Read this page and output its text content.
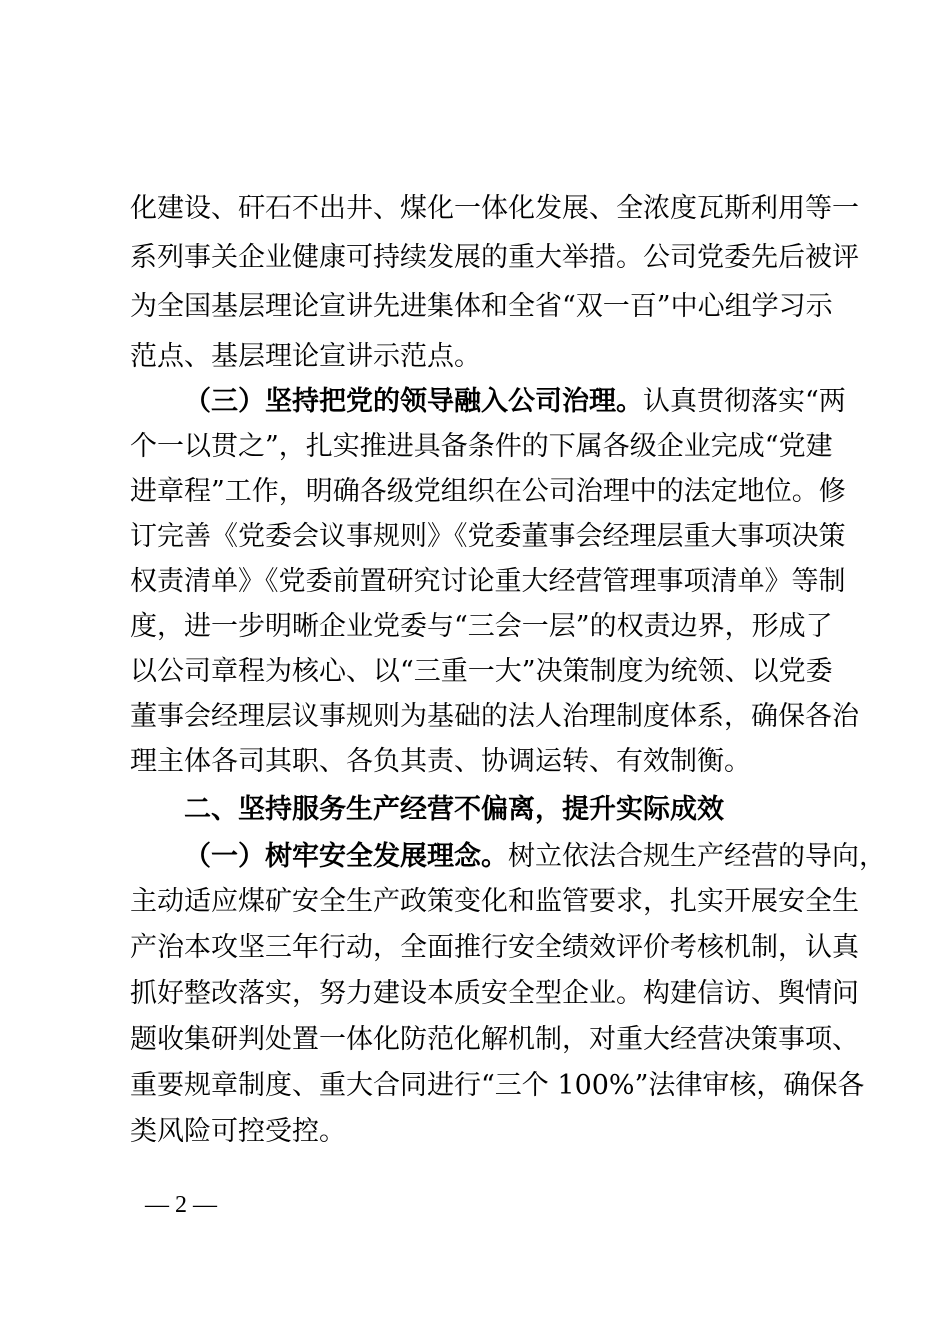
化建设、矸石不出井、煤化一体化发展、全浓度瓦斯利用等一
系列事关企业健康可持续发展的重大举措。公司党委先后被评
为全国基层理论宣讲先进集体和全省“双一百”中心组学习示
范点、基层理论宣讲示范点。
（三）坚持把党的领导融入公司治理。认真贯彻落实“两
个一以贯之”，扎实推进具备条件的下属各级企业完成“党建
进章程”工作，明确各级党组织在公司治理中的法定地位。修
订完善《党委会议事规则》《党委董事会经理层重大事项决策
权责清单》《党委前置研究讨论重大经营管理事项清单》等制
度，进一步明晰企业党委与“三会一层”的权责边界，形成了
以公司章程为核心、以“三重一大”决策制度为统领、以党委
董事会经理层议事规则为基础的法人治理制度体系，确保各治
理主体各司其职、各负其责、协调运转、有效制衡。
二、坚持服务生产经营不偏离，提升实际成效
（一）树牢安全发展理念。树立依法合规生产经营的导向，
主动适应煤矿安全生产政策变化和监管要求，扎实开展安全生
产治本攻坚三年行动，全面推行安全绩效评价考核机制，认真
抓好整改落实，努力建设本质安全型企业。构建信访、舆情问
题收集研判处置一体化防范化解机制，对重大经营决策事项、
重要规章制度、重大合同进行“三个 100%”法律审核，确保各
类风险可控受控。
— 2 —
